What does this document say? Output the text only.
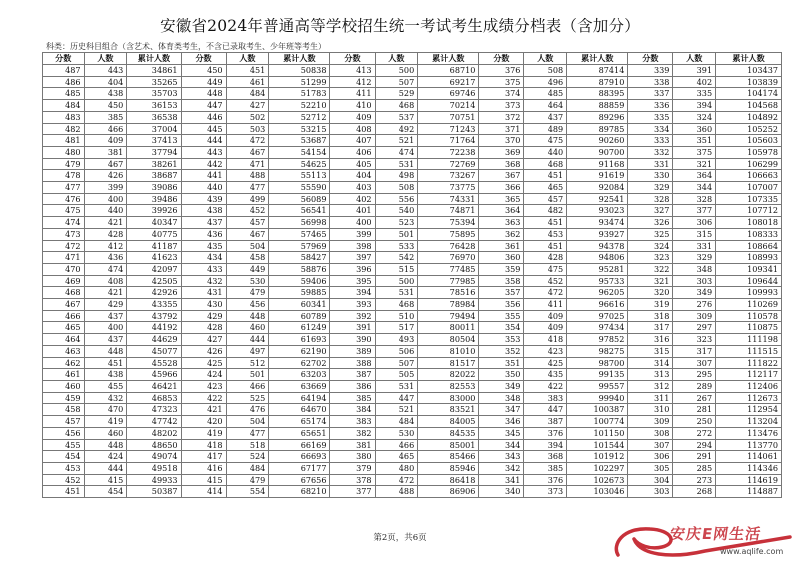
安徽省2024年普通高等学校招生统一考试考生成绩分档表（含加分）
科类：历史科目组合（含艺术、体育类考生，不含已录取考生、少年班等考生）
分数	人数	累计人数	分数	人数	累计人数	分数	人数	累计人数	分数	人数	累计人数	分数	人数	累计人数
487	443	34861	450	451	50838	413	500	68710	376	508	87414	339	391	103437
486	404	35265	449	461	51299	412	507	69217	375	496	87910	338	402	103839
485	438	35703	448	484	51783	411	529	69746	374	485	88395	337	335	104174
484	450	36153	447	427	52210	410	468	70214	373	464	88859	336	394	104568
483	385	36538	446	502	52712	409	537	70751	372	437	89296	335	324	104892
482	466	37004	445	503	53215	408	492	71243	371	489	89785	334	360	105252
481	409	37413	444	472	53687	407	521	71764	370	475	90260	333	351	105603
480	381	37794	443	467	54154	406	474	72238	369	440	90700	332	375	105978
479	467	38261	442	471	54625	405	531	72769	368	468	91168	331	321	106299
478	426	38687	441	488	55113	404	498	73267	367	451	91619	330	364	106663
477	399	39086	440	477	55590	403	508	73775	366	465	92084	329	344	107007
476	400	39486	439	499	56089	402	556	74331	365	457	92541	328	328	107335
475	440	39926	438	452	56541	401	540	74871	364	482	93023	327	377	107712
474	421	40347	437	457	56998	400	523	75394	363	451	93474	326	306	108018
473	428	40775	436	467	57465	399	501	75895	362	453	93927	325	315	108333
472	412	41187	435	504	57969	398	533	76428	361	451	94378	324	331	108664
471	436	41623	434	458	58427	397	542	76970	360	428	94806	323	329	108993
470	474	42097	433	449	58876	396	515	77485	359	475	95281	322	348	109341
469	408	42505	432	530	59406	395	500	77985	358	452	95733	321	303	109644
468	421	42926	431	479	59885	394	531	78516	357	472	96205	320	349	109993
467	429	43355	430	456	60341	393	468	78984	356	411	96616	319	276	110269
466	437	43792	429	448	60789	392	510	79494	355	409	97025	318	309	110578
465	400	44192	428	460	61249	391	517	80011	354	409	97434	317	297	110875
464	437	44629	427	444	61693	390	493	80504	353	418	97852	316	323	111198
463	448	45077	426	497	62190	389	506	81010	352	423	98275	315	317	111515
462	451	45528	425	512	62702	388	507	81517	351	425	98700	314	307	111822
461	438	45966	424	501	63203	387	505	82022	350	435	99135	313	295	112117
460	455	46421	423	466	63669	386	531	82553	349	422	99557	312	289	112406
459	432	46853	422	525	64194	385	447	83000	348	383	99940	311	267	112673
458	470	47323	421	476	64670	384	521	83521	347	447	100387	310	281	112954
457	419	47742	420	504	65174	383	484	84005	346	387	100774	309	250	113204
456	460	48202	419	477	65651	382	530	84535	345	376	101150	308	272	113476
455	448	48650	418	518	66169	381	466	85001	344	394	101544	307	294	113770
454	424	49074	417	524	66693	380	465	85466	343	368	101912	306	291	114061
453	444	49518	416	484	67177	379	480	85946	342	385	102297	305	285	114346
452	415	49933	415	479	67656	378	472	86418	341	376	102673	304	273	114619
451	454	50387	414	554	68210	377	488	86906	340	373	103046	303	268	114887
第2页，共6页	安庆E网生活
www.aqlife.com
